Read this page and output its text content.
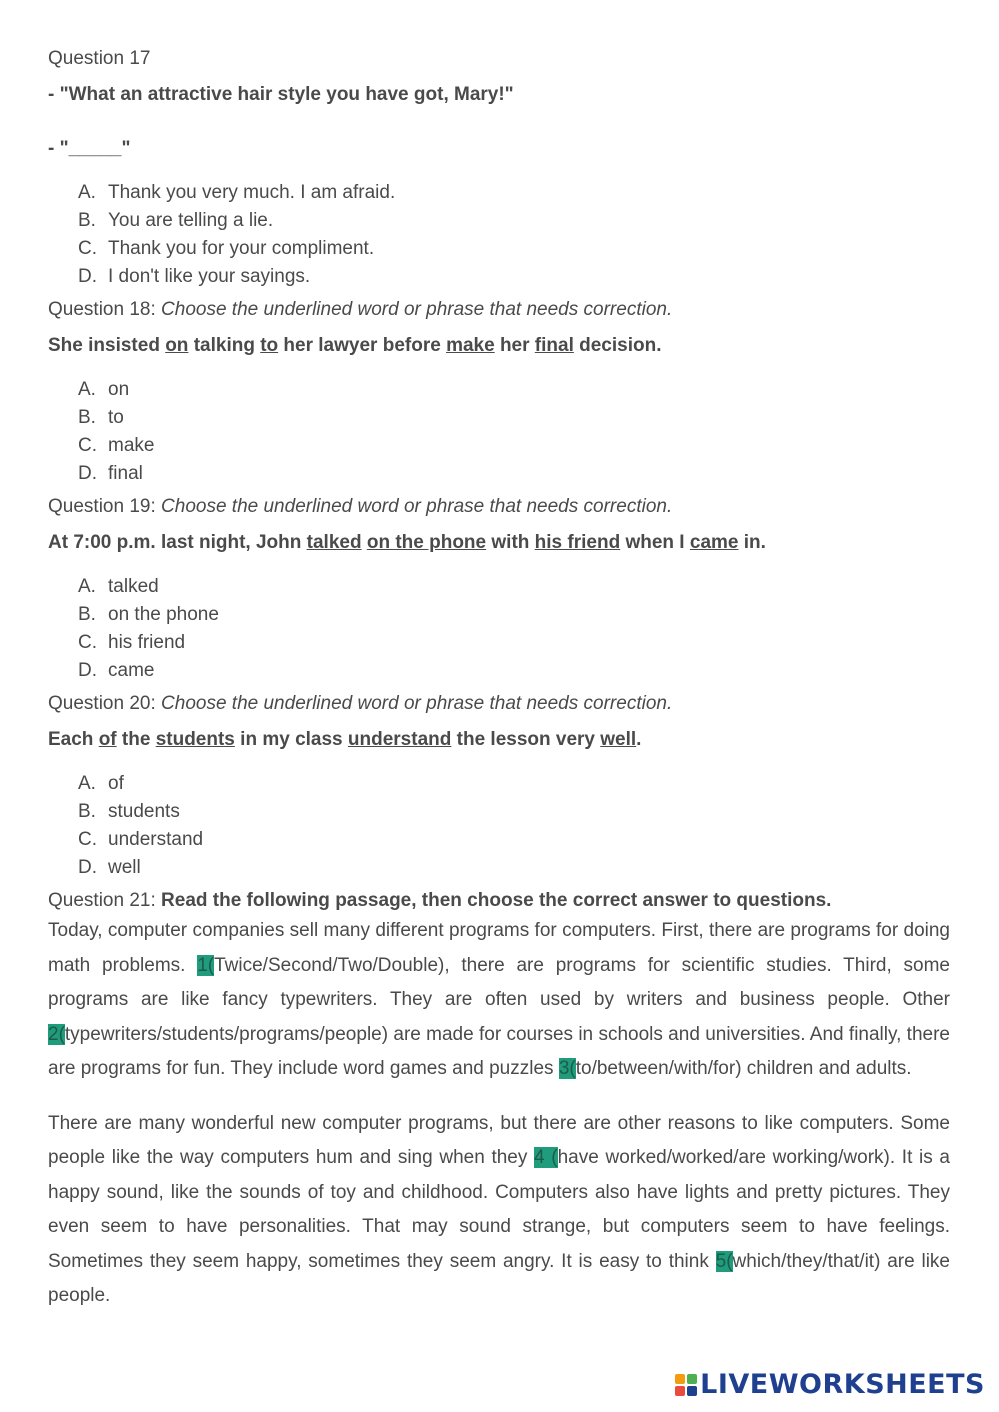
Question 17

- "What an attractive hair style you have got, Mary!"

- "_____"

A. Thank you very much. I am afraid.
B. You are telling a lie.
C. Thank you for your compliment.
D. I don't like your sayings.

Question 18: Choose the underlined word or phrase that needs correction.

She insisted on talking to her lawyer before make her final decision.

A. on
B. to
C. make
D. final

Question 19: Choose the underlined word or phrase that needs correction.

At 7:00 p.m. last night, John talked on the phone with his friend when I came in.

A. talked
B. on the phone
C. his friend
D. came

Question 20: Choose the underlined word or phrase that needs correction.

Each of the students in my class understand the lesson very well.

A. of
B. students
C. understand
D. well

Question 21: Read the following passage, then choose the correct answer to questions.

Today, computer companies sell many different programs for computers. First, there are programs for doing math problems. 1(Twice/Second/Two/Double), there are programs for scientific studies. Third, some programs are like fancy typewriters. They are often used by writers and business people. Other 2(typewriters/students/programs/people) are made for courses in schools and universities. And finally, there are programs for fun. They include word games and puzzles 3(to/between/with/for) children and adults.

There are many wonderful new computer programs, but there are other reasons to like computers. Some people like the way computers hum and sing when they 4 (have worked/worked/are working/work). It is a happy sound, like the sounds of toy and childhood. Computers also have lights and pretty pictures. They even seem to have personalities. That may sound strange, but computers seem to have feelings. Sometimes they seem happy, sometimes they seem angry. It is easy to think 5(which/they/that/it) are like people.

LIVEWORKSHEETS
